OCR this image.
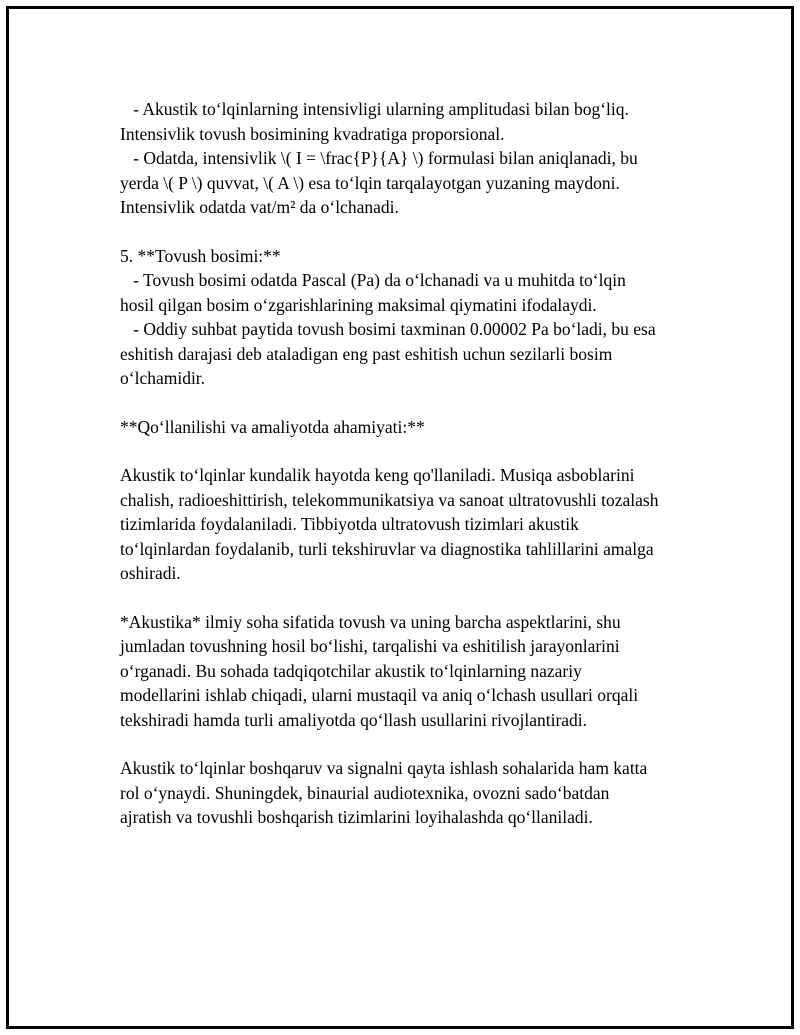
- Akustik to‘lqinlarning intensivligi ularning amplitudasi bilan bog‘liq.
Intensivlik tovush bosimining kvadratiga proporsional.
- Odatda, intensivlik \( I = \frac{P}{A} \) formulasi bilan aniqlanadi, bu
yerda \( P \) quvvat, \( A \) esa to‘lqin tarqalayotgan yuzaning maydoni.
Intensivlik odatda vat/m² da o‘lchanadi.

5. **Tovush bosimi:**
- Tovush bosimi odatda Pascal (Pa) da o‘lchanadi va u muhitda to‘lqin
hosil qilgan bosim o‘zgarishlarining maksimal qiymatini ifodalaydi.
- Oddiy suhbat paytida tovush bosimi taxminan 0.00002 Pa bo‘ladi, bu esa
eshitish darajasi deb ataladigan eng past eshitish uchun sezilarli bosim
o‘lchamidir.

**Qo‘llanilishi va amaliyotda ahamiyati:**

Akustik to‘lqinlar kundalik hayotda keng qo'llaniladi. Musiqa asboblarini
chalish, radioeshittirish, telekommunikatsiya va sanoat ultratovushli tozalash
tizimlarida foydalaniladi. Tibbiyotda ultratovush tizimlari akustik
to‘lqinlardan foydalanib, turli tekshiruvlar va diagnostika tahlillarini amalga
oshiradi.

*Akustika* ilmiy soha sifatida tovush va uning barcha aspektlarini, shu
jumladan tovushning hosil bo‘lishi, tarqalishi va eshitilish jarayonlarini
o‘rganadi. Bu sohada tadqiqotchilar akustik to‘lqinlarning nazariy
modellarini ishlab chiqadi, ularni mustaqil va aniq o‘lchash usullari orqali
tekshiradi hamda turli amaliyotda qo‘llash usullarini rivojlantiradi.

Akustik to‘lqinlar boshqaruv va signalni qayta ishlash sohalarida ham katta
rol o‘ynaydi. Shuningdek, binaurial audiotexnika, ovozni sado‘batdan
ajratish va tovushli boshqarish tizimlarini loyihalashda qo‘llaniladi.
